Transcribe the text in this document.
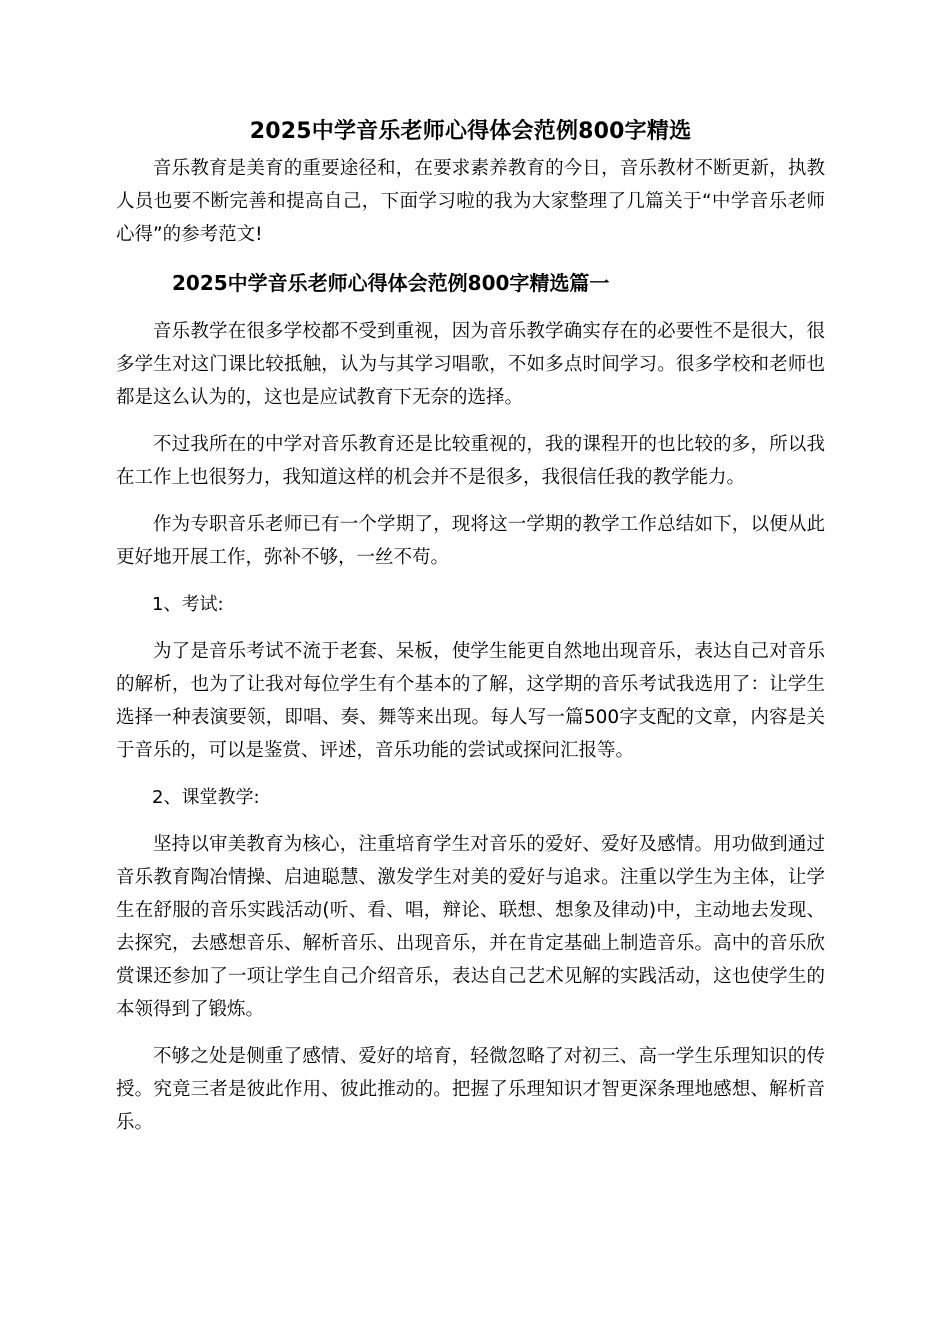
2025中学音乐老师心得体会范例800字精选

音乐教育是美育的重要途径和，在要求素养教育的今日，音乐教材不断更新，执教人员也要不断完善和提高自己，下面学习啦的我为大家整理了几篇关于“中学音乐老师心得”的参考范文!

2025中学音乐老师心得体会范例800字精选篇一

音乐教学在很多学校都不受到重视，因为音乐教学确实存在的必要性不是很大，很多学生对这门课比较抵触，认为与其学习唱歌，不如多点时间学习。很多学校和老师也都是这么认为的，这也是应试教育下无奈的选择。

不过我所在的中学对音乐教育还是比较重视的，我的课程开的也比较的多，所以我在工作上也很努力，我知道这样的机会并不是很多，我很信任我的教学能力。

作为专职音乐老师已有一个学期了，现将这一学期的教学工作总结如下，以便从此更好地开展工作，弥补不够，一丝不苟。

1、考试:

为了是音乐考试不流于老套、呆板，使学生能更自然地出现音乐，表达自己对音乐的解析，也为了让我对每位学生有个基本的了解，这学期的音乐考试我选用了：让学生选择一种表演要领，即唱、奏、舞等来出现。每人写一篇500字支配的文章，内容是关于音乐的，可以是鉴赏、评述，音乐功能的尝试或探问汇报等。

2、课堂教学:

坚持以审美教育为核心，注重培育学生对音乐的爱好、爱好及感情。用功做到通过音乐教育陶冶情操、启迪聪慧、激发学生对美的爱好与追求。注重以学生为主体，让学生在舒服的音乐实践活动(听、看、唱，辩论、联想、想象及律动)中，主动地去发现、去探究，去感想音乐、解析音乐、出现音乐，并在肯定基础上制造音乐。高中的音乐欣赏课还参加了一项让学生自己介绍音乐，表达自己艺术见解的实践活动，这也使学生的本领得到了锻炼。

不够之处是侧重了感情、爱好的培育，轻微忽略了对初三、高一学生乐理知识的传授。究竟三者是彼此作用、彼此推动的。把握了乐理知识才智更深条理地感想、解析音乐。
